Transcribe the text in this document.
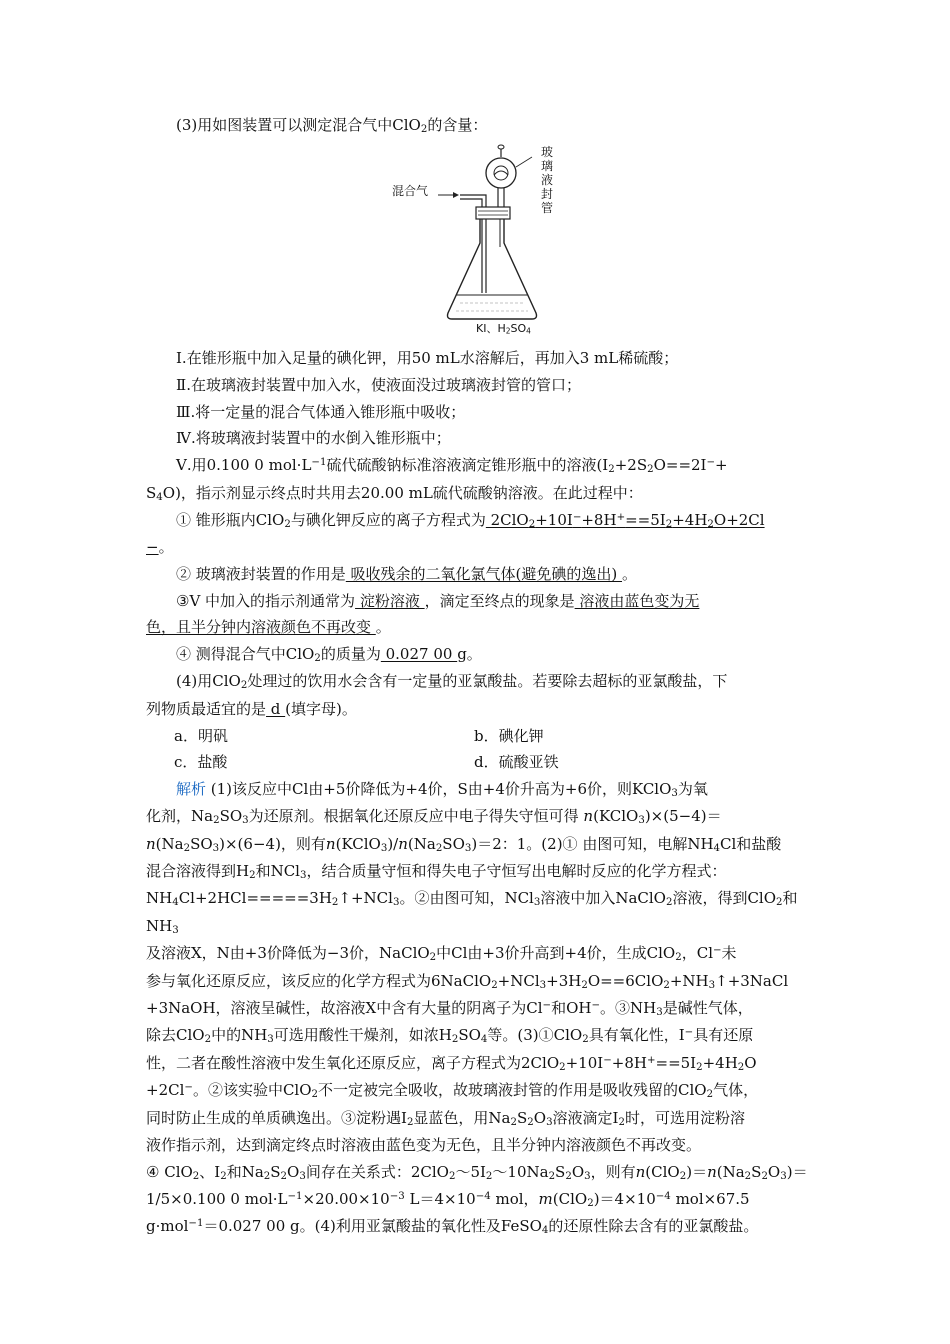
(3)用如图装置可以测定混合气中ClO$_2$的含量：

混合气
玻璃液封管
KI、$H_2SO_4$

Ⅰ.在锥形瓶中加入足量的碘化钾，用50 mL水溶解后，再加入3 mL稀硫酸；

Ⅱ.在玻璃液封装置中加入水，使液面没过玻璃液封管的管口；

Ⅲ.将一定量的混合气体通入锥形瓶中吸收；

Ⅳ.将玻璃液封装置中的水倒入锥形瓶中；

Ⅴ.用0.100 0 $mol\cdot L^{-1}$硫代硫酸钠标准溶液滴定锥形瓶中的溶液($I_2+2S_2O==2I^-+$
$S_4O$)，指示剂显示终点时共用去20.00 mL硫代硫酸钠溶液。在此过程中：

① 锥形瓶内ClO$_2$与碘化钾反应的离子方程式为 $2ClO_2+10I^-+8H^+==5I_2+4H_2O+2Cl$
−。

② 玻璃液封装置的作用是 吸收残余的二氧化氯气体(避免碘的逸出) 。

③Ⅴ 中加入的指示剂通常为 淀粉溶液 ，滴定至终点的现象是 溶液由蓝色变为无
色，且半分钟内溶液颜色不再改变 。

④ 测得混合气中ClO$_2$的质量为 0.027 00 g。

(4)用ClO$_2$处理过的饮用水会含有一定量的亚氯酸盐。若要除去超标的亚氯酸盐，下
列物质最适宜的是 d (填字母)。

a．明矾	b．碘化钾
c．盐酸	d．硫酸亚铁

解析 (1)该反应中Cl由+5价降低为+4价，S由+4价升高为+6价，则KClO$_3$为氧
化剂，$Na_2SO_3$为还原剂。根据氧化还原反应中电子得失守恒可得 n(KClO$_3$)×(5−4)＝
$n(Na_2SO_3)\times(6-4)$，则有$n(KClO_3)/n(Na_2SO_3)=2$：1。(2)① 由图可知，电解$NH_4Cl$和盐酸
混合溶液得到$H_2$和NCl$_3$，结合质量守恒和得失电子守恒写出电解时反应的化学方程式：
$NH_4Cl+2HCl=====3H_2↑+NCl_3$。②由图可知，NCl$_3$溶液中加入NaClO$_2$溶液，得到ClO$_2$和$NH_3$
及溶液X，N由+3价降低为−3价，NaClO$_2$中Cl由+3价升高到+4价，生成ClO$_2$，Cl−未
参与氧化还原反应，该反应的化学方程式为$6NaClO_2+NCl_3+3H_2O==6ClO_2+NH_3↑+3NaCl$
+3NaOH，溶液呈碱性，故溶液X中含有大量的阴离子为Cl−和OH−。$③NH_3$是碱性气体，
除去ClO$_2$中的$NH_3$可选用酸性干燥剂，如浓$H_2SO_4$等。(3)①ClO$_2$具有氧化性，I−具有还原
性，二者在酸性溶液中发生氧化还原反应，离子方程式为$2ClO_2+10I^-+8H^+==5I_2+4H_2O$
+2Cl−。②该实验中ClO$_2$不一定被完全吸收，故玻璃液封管的作用是吸收残留的ClO$_2$气体，
同时防止生成的单质碘逸出。③淀粉遇$I_2$显蓝色，用$Na_2S_2O_3$溶液滴定$I_2$时，可选用淀粉溶
液作指示剂，达到滴定终点时溶液由蓝色变为无色，且半分钟内溶液颜色不再改变。
④ ClO$_2$、$I_2$和$Na_2S_2O_3$间存在关系式：$2ClO_2\sim 5I_2\sim 10Na_2S_2O_3$，则有$n(ClO_2)=n(Na_2S_2O_3)=$
1/5×0.100 0 $mol\cdot L^{-1}\times 20.00\times 10^{-3}$ $L=4\times 10^{-4}$ mol，$m(ClO_2)=4\times 10^{-4}$ mol×67.5
g·mol$^{-1}$＝0.027 00 g。(4)利用亚氯酸盐的氧化性及FeSO$_4$的还原性除去含有的亚氯酸盐。
